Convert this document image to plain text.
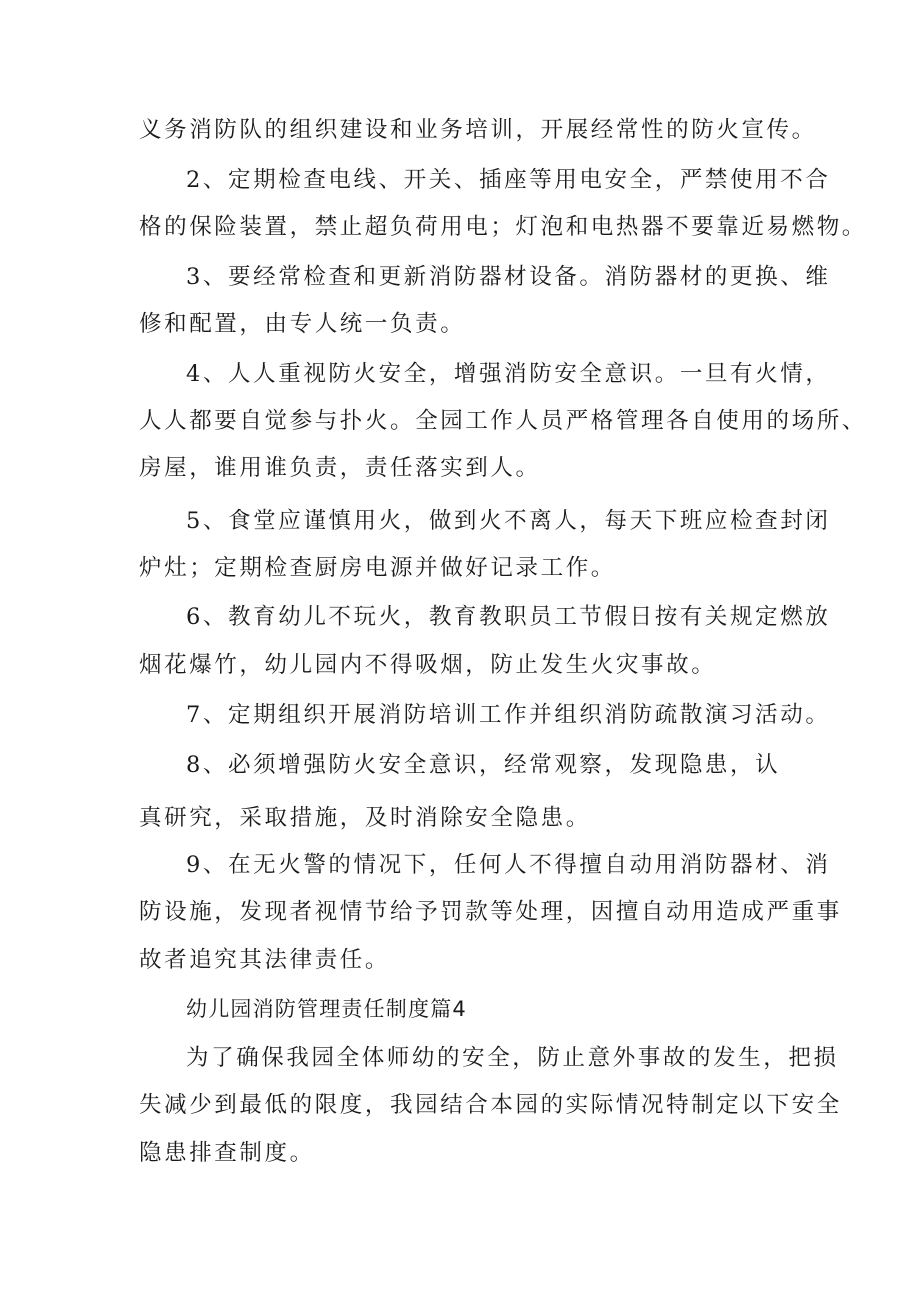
义务消防队的组织建设和业务培训，开展经常性的防火宣传。
2、定期检查电线、开关、插座等用电安全，严禁使用不合
格的保险装置，禁止超负荷用电；灯泡和电热器不要靠近易燃物。
3、要经常检查和更新消防器材设备。消防器材的更换、维
修和配置，由专人统一负责。
4、人人重视防火安全，增强消防安全意识。一旦有火情，
人人都要自觉参与扑火。全园工作人员严格管理各自使用的场所、
房屋，谁用谁负责，责任落实到人。
5、食堂应谨慎用火，做到火不离人，每天下班应检查封闭
炉灶；定期检查厨房电源并做好记录工作。
6、教育幼儿不玩火，教育教职员工节假日按有关规定燃放
烟花爆竹，幼儿园内不得吸烟，防止发生火灾事故。
7、定期组织开展消防培训工作并组织消防疏散演习活动。
8、必须增强防火安全意识，经常观察，发现隐患，认
真研究，采取措施，及时消除安全隐患。
9、在无火警的情况下，任何人不得擅自动用消防器材、消
防设施，发现者视情节给予罚款等处理，因擅自动用造成严重事
故者追究其法律责任。
幼儿园消防管理责任制度篇4
为了确保我园全体师幼的安全，防止意外事故的发生，把损
失减少到最低的限度，我园结合本园的实际情况特制定以下安全
隐患排查制度。
